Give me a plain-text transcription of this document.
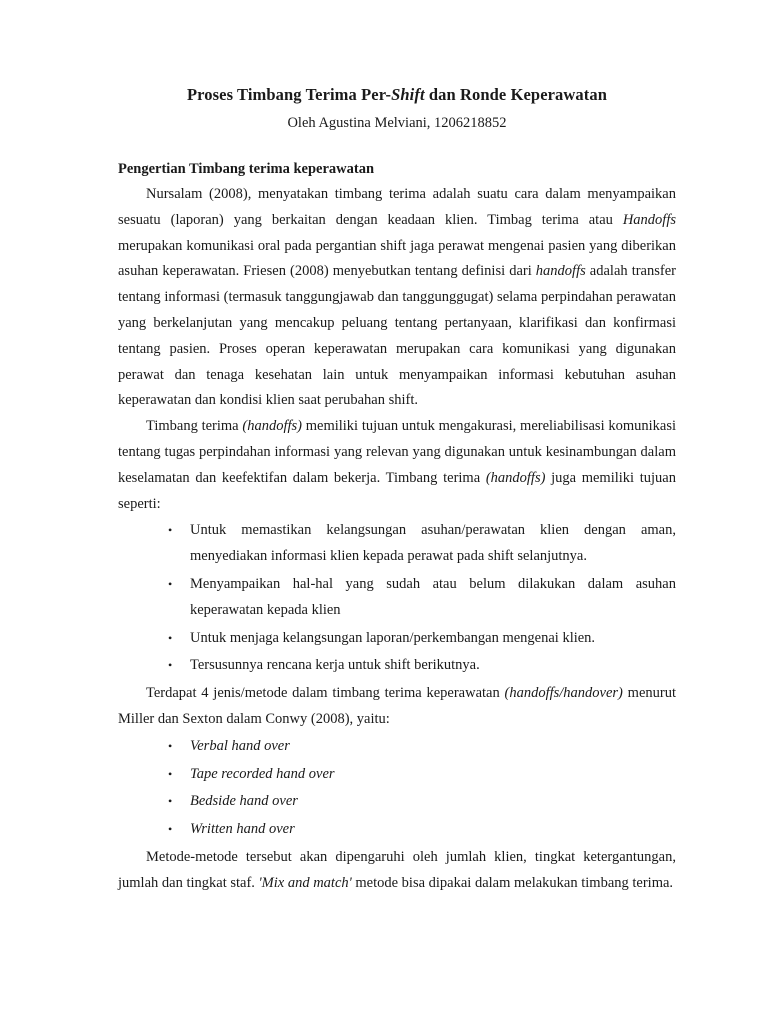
Proses Timbang Terima Per-Shift dan Ronde Keperawatan
Oleh Agustina Melviani, 1206218852
Pengertian Timbang terima keperawatan

Nursalam (2008), menyatakan timbang terima adalah suatu cara dalam menyampaikan sesuatu (laporan) yang berkaitan dengan keadaan klien. Timbag terima atau Handoffs merupakan komunikasi oral pada pergantian shift jaga perawat mengenai pasien yang diberikan asuhan keperawatan. Friesen (2008) menyebutkan tentang definisi dari handoffs adalah transfer tentang informasi (termasuk tanggungjawab dan tanggunggugat) selama perpindahan perawatan yang berkelanjutan yang mencakup peluang tentang pertanyaan, klarifikasi dan konfirmasi tentang pasien. Proses operan keperawatan merupakan cara komunikasi yang digunakan perawat dan tenaga kesehatan lain untuk menyampaikan informasi kebutuhan asuhan keperawatan dan kondisi klien saat perubahan shift.

Timbang terima (handoffs) memiliki tujuan untuk mengakurasi, mereliabilisasi komunikasi tentang tugas perpindahan informasi yang relevan yang digunakan untuk kesinambungan dalam keselamatan dan keefektifan dalam bekerja. Timbang terima (handoffs) juga memiliki tujuan seperti:

• Untuk memastikan kelangsungan asuhan/perawatan klien dengan aman, menyediakan informasi klien kepada perawat pada shift selanjutnya.
• Menyampaikan hal-hal yang sudah atau belum dilakukan dalam asuhan keperawatan kepada klien
• Untuk menjaga kelangsungan laporan/perkembangan mengenai klien.
• Tersusunnya rencana kerja untuk shift berikutnya.

Terdapat 4 jenis/metode dalam timbang terima keperawatan (handoffs/handover) menurut Miller dan Sexton dalam Conwy (2008), yaitu:

• Verbal hand over
• Tape recorded hand over
• Bedside hand over
• Written hand over

Metode-metode tersebut akan dipengaruhi oleh jumlah klien, tingkat ketergantungan, jumlah dan tingkat staf. 'Mix and match' metode bisa dipakai dalam melakukan timbang terima.
